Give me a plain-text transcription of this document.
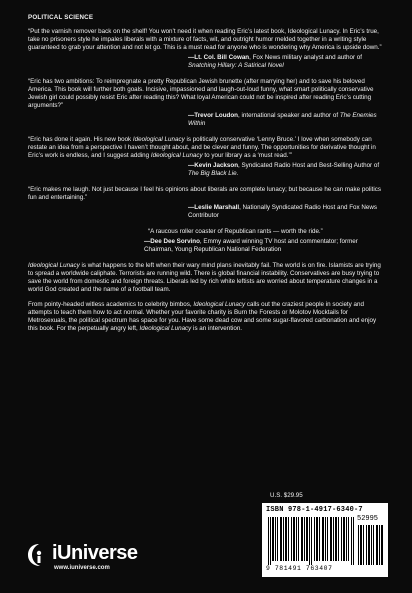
POLITICAL SCIENCE

“Put the varnish remover back on the shelf! You won’t need it when reading Eric’s latest book, Ideological Lunacy. In Eric’s true, take no prisoners style he impales liberals with a mixture of facts, wit, and outright humor melded together in a writing style guaranteed to grab your attention and not let go. This is a must read for anyone who is wondering why America is upside down.”

—Lt. Col. Bill Cowan, Fox News military analyst and author of Snatching Hillary: A Satirical Novel

“Eric has two ambitions: To reimpregnate a pretty Republican Jewish brunette (after marrying her) and to save his beloved America. This book will further both goals. Incisive, impassioned and laugh-out-loud funny, what smart politically conservative Jewish girl could possibly resist Eric after reading this? What loyal American could not be inspired after reading Eric’s cutting arguments?”

—Trevor Loudon, international speaker and author of The Enemies Within

“Eric has done it again. His new book Ideological Lunacy is politically conservative ‘Lenny Bruce.’ I love when somebody can restate an idea from a perspective I haven’t thought about, and be clever and funny. The opportunities for derivative thought in Eric’s work is endless, and I suggest adding Ideological Lunacy to your library as a ‘must read.’”

—Kevin Jackson, Syndicated Radio Host and Best-Selling Author of The Big Black Lie.

“Eric makes me laugh. Not just because I feel his opinions about liberals are complete lunacy; but because he can make politics fun and entertaining.”

—Leslie Marshall, Nationally Syndicated Radio Host and Fox News Contributor

“A raucous roller coaster of Republican rants — worth the ride.”

—Dee Dee Sorvino, Emmy award winning TV host and commentator; former Chairman, Young Republican National Federation

Ideological Lunacy is what happens to the left when their wary mind plans inevitably fail. The world is on fire. Islamists are trying to spread a worldwide caliphate. Terrorists are running wild. There is global financial instability. Conservatives are busy trying to save the world from domestic and foreign threats. Liberals led by rich white leftists are worried about temperature changes in a world God created and the name of a football team.

From pointy-headed witless academics to celebrity bimbos, Ideological Lunacy calls out the craziest people in society and attempts to teach them how to act normal. Whether your favorite charity is Burn the Forests or Molotov Mocktails for Metrosexuals, the political spectrum has space for you. Have some dead cow and some sugar-flavored carbonation and enjoy this book. For the perpetually angry left, Ideological Lunacy is an intervention.

U.S. $29.95
ISBN 978-1-4917-6340-7
52995
9 781491 763407
iUniverse
www.iuniverse.com
